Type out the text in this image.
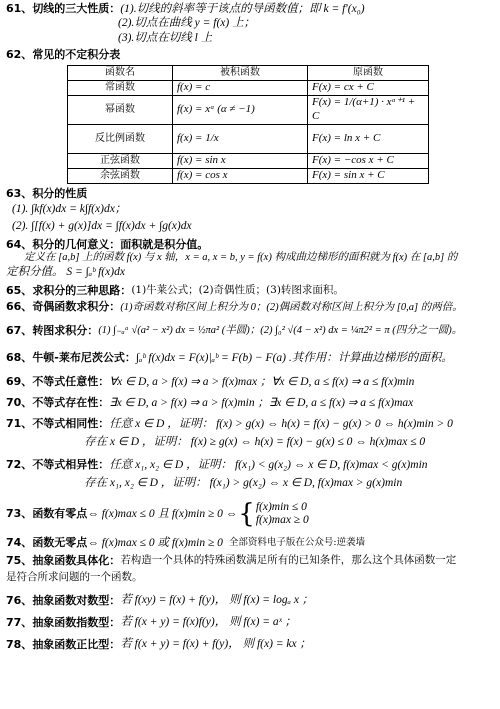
61、 切线的三大性质： (1).切线的斜率等于该点的导函数值；即 k = f′(x₀)
(2).切点在曲线 y = f(x) 上；
(3).切点在切线 l 上
62、 常见的不定积分表
函数名	被积函数	原函数
常函数	f(x) = c	F(x) = cx + C
幂函数	f(x) = xᵅ (α ≠ −1)	F(x) = 1/(α+1) · xᵅ⁺¹ + C
反比例函数	f(x) = 1/x	F(x) = ln x + C
正弦函数	f(x) = sin x	F(x) = −cos x + C
余弦函数	f(x) = cos x	F(x) = sin x + C
63、 积分的性质
(1). ∫kf(x)dx = k∫f(x)dx；
(2). ∫[f(x) + g(x)]dx = ∫f(x)dx + ∫g(x)dx
64、 积分的几何意义：面积就是积分值。
定义在 [a,b] 上的函数 f(x) 与 x 轴，x = a, x = b, y = f(x) 构成曲边梯形的面积就为 f(x) 在 [a,b] 的
定积分值。 S = ∫ₐᵇ f(x)dx
65、 求积分的三种思路： (1)牛莱公式；(2)奇偶性质；(3)转图求面积。
66、 奇偶函数求积分： (1)奇函数对称区间上积分为 0；(2)偶函数对称区间上积分为 [0,a] 的两倍。
67、 转图求积分： (1) ∫₋ₐᵃ √(a² − x²) dx = ½πa² (半圆)；(2) ∫₀² √(4 − x²) dx = ¼π2² = π (四分之一圆)。
68、 牛顿-莱布尼茨公式： ∫ₐᵇ f(x)dx = F(x)|ₐᵇ = F(b) − F(a) .其作用：计算曲边梯形的面积。
69、 不等式任意性： ∀x ∈ D, a > f(x) ⇒ a > f(x)max ；∀x ∈ D, a ≤ f(x) ⇒ a ≤ f(x)min
70、 不等式存在性： ∃x ∈ D, a > f(x) ⇒ a > f(x)min ；∃x ∈ D, a ≤ f(x) ⇒ a ≤ f(x)max
71、 不等式相同性： 任意 x ∈ D ，证明： f(x) > g(x) ⇔ h(x) = f(x) − g(x) > 0 ⇔ h(x)min > 0
存在 x ∈ D ，证明： f(x) ≥ g(x) ⇔ h(x) = f(x) − g(x) ≤ 0 ⇔ h(x)max ≤ 0
72、 不等式相异性： 任意 x₁, x₂ ∈ D ，证明： f(x₁) < g(x₂) ⇔ x ∈ D, f(x)max < g(x)min
存在 x₁, x₂ ∈ D ，证明： f(x₁) > g(x₂) ⇔ x ∈ D, f(x)max > g(x)min
73、 函数有零点 ⇔ f(x)max ≤ 0 且 f(x)min ≥ 0 ⇔ { f(x)min ≤ 0
f(x)max ≥ 0
74、 函数无零点 ⇔ f(x)max ≤ 0 或 f(x)min ≥ 0 全部资料电子版在公众号:逆袭墙
75、 抽象函数具体化： 若构造一个具体的特殊函数满足所有的已知条件，那么这个具体函数一定
是符合所求问题的一个函数。
76、 抽象函数对数型： 若 f(xy) = f(x) + f(y)， 则 f(x) = logₐ x ；
77、 抽象函数指数型： 若 f(x + y) = f(x)f(y)， 则 f(x) = aˣ ；
78、 抽象函数正比型： 若 f(x + y) = f(x) + f(y)， 则 f(x) = kx ；
